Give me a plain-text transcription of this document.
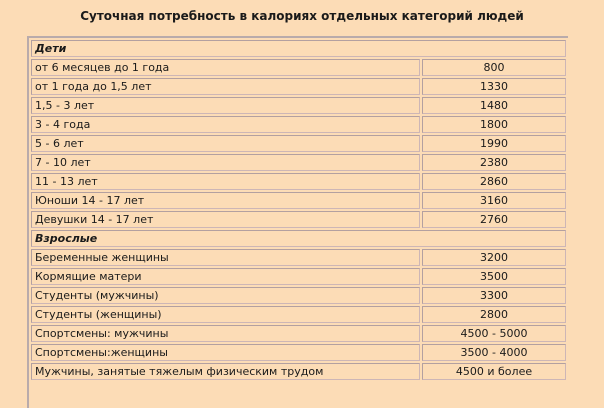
Суточная потребность в калориях отдельных категорий людей
Дети	
от 6 месяцев до 1 года	800
от 1 года до 1,5 лет	1330
1,5 - 3 лет	1480
3 - 4 года	1800
5 - 6 лет	1990
7 - 10 лет	2380
11 - 13 лет	2860
Юноши 14 - 17 лет	3160
Девушки 14 - 17 лет	2760
Взрослые	
Беременные женщины	3200
Кормящие матери	3500
Студенты (мужчины)	3300
Студенты (женщины)	2800
Спортсмены: мужчины	4500 - 5000
Спортсмены:женщины	3500 - 4000
Мужчины, занятые тяжелым физическим трудом	4500 и более
